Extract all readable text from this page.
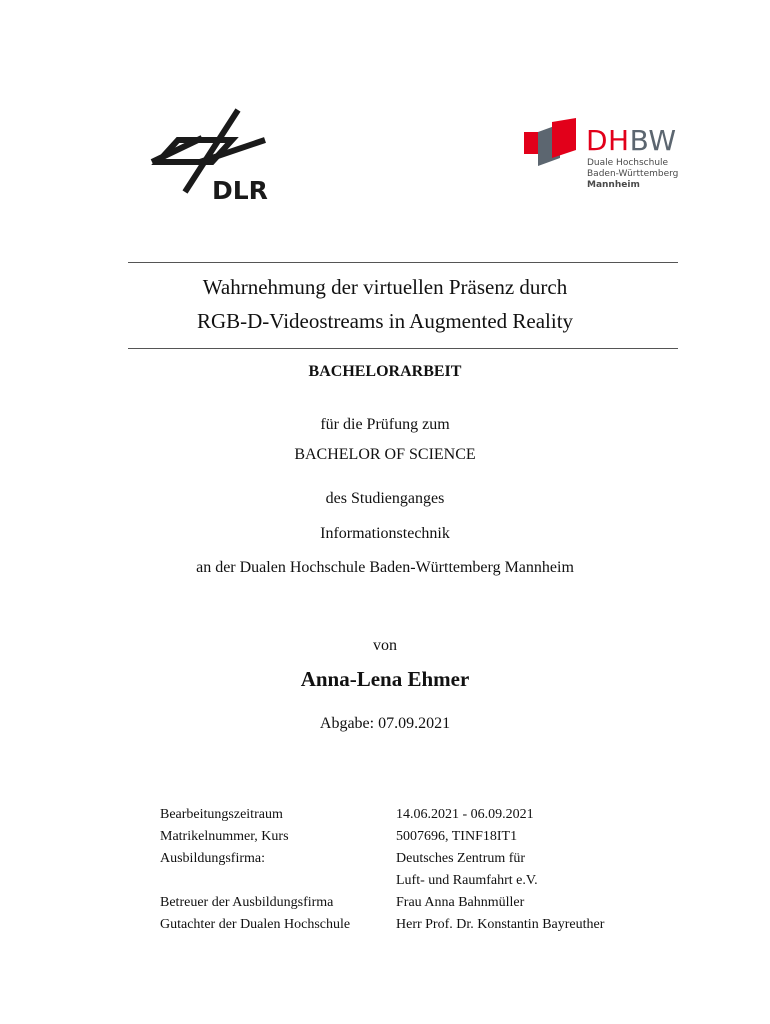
DLR
DHBW
Duale Hochschule
Baden-Württemberg
Mannheim
Wahrnehmung der virtuellen Präsenz durch
RGB-D-Videostreams in Augmented Reality
BACHELORARBEIT
für die Prüfung zum
BACHELOR OF SCIENCE
des Studienganges
Informationstechnik
an der Dualen Hochschule Baden-Württemberg Mannheim
von
Anna-Lena Ehmer
Abgabe: 07.09.2021
Bearbeitungszeitraum	14.06.2021 - 06.09.2021
Matrikelnummer, Kurs	5007696, TINF18IT1
Ausbildungsfirma:	Deutsches Zentrum für
Luft- und Raumfahrt e.V.
Betreuer der Ausbildungsfirma	Frau Anna Bahnmüller
Gutachter der Dualen Hochschule	Herr Prof. Dr. Konstantin Bayreuther
